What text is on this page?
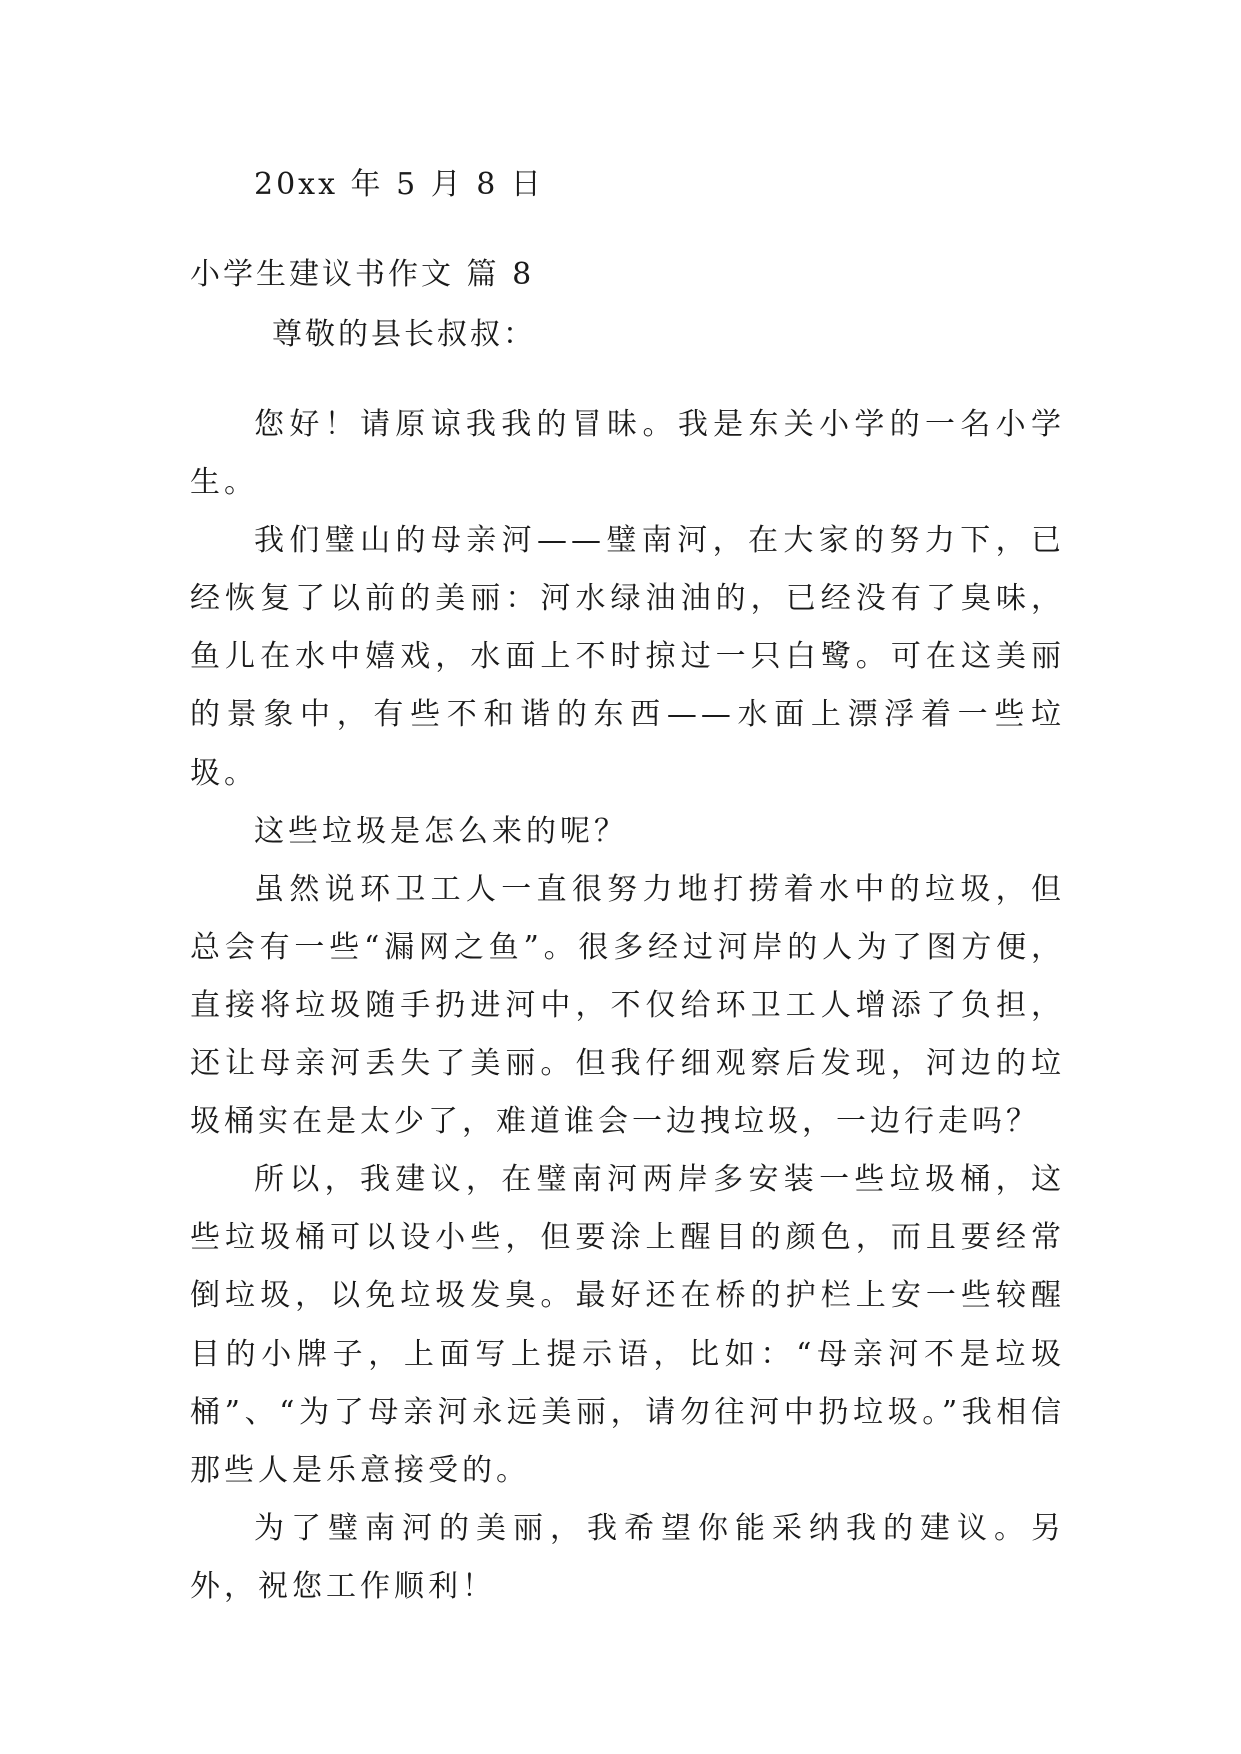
20xx 年 5 月 8 日
小学生建议书作文 篇 8
尊敬的县长叔叔：

您好！请原谅我我的冒昧。我是东关小学的一名小学生。

我们璧山的母亲河——璧南河，在大家的努力下，已经恢复了以前的美丽：河水绿油油的，已经没有了臭味，鱼儿在水中嬉戏，水面上不时掠过一只白鹭。可在这美丽的景象中，有些不和谐的东西——水面上漂浮着一些垃圾。

这些垃圾是怎么来的呢？

虽然说环卫工人一直很努力地打捞着水中的垃圾，但总会有一些“漏网之鱼”。很多经过河岸的人为了图方便，直接将垃圾随手扔进河中，不仅给环卫工人增添了负担，还让母亲河丢失了美丽。但我仔细观察后发现，河边的垃圾桶实在是太少了，难道谁会一边拽垃圾，一边行走吗？

所以，我建议，在璧南河两岸多安装一些垃圾桶，这些垃圾桶可以设小些，但要涂上醒目的颜色，而且要经常倒垃圾，以免垃圾发臭。最好还在桥的护栏上安一些较醒目的小牌子，上面写上提示语，比如：“母亲河不是垃圾桶”、“为了母亲河永远美丽，请勿往河中扔垃圾。”我相信那些人是乐意接受的。

为了璧南河的美丽，我希望你能采纳我的建议。另外，祝您工作顺利！
